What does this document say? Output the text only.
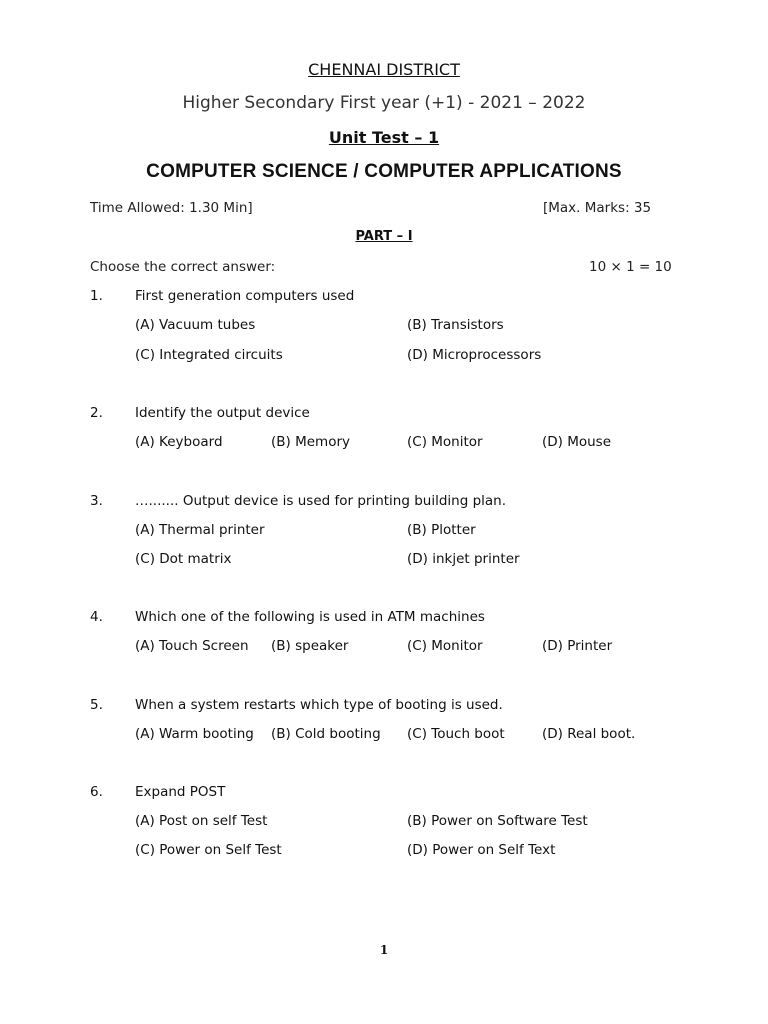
CHENNAI DISTRICT
Higher Secondary First year (+1) - 2021 – 2022
Unit Test – 1
COMPUTER SCIENCE / COMPUTER APPLICATIONS
Time Allowed: 1.30 Min]	[Max. Marks: 35
PART – I
Choose the correct answer:	10 × 1 = 10
1. First generation computers used
(A) Vacuum tubes	(B) Transistors
(C) Integrated circuits	(D) Microprocessors
2. Identify the output device
(A) Keyboard	(B) Memory	(C) Monitor	(D) Mouse
3. …....... Output device is used for printing building plan.
(A) Thermal printer	(B) Plotter
(C) Dot matrix	(D) inkjet printer
4. Which one of the following is used in ATM machines
(A) Touch Screen (B) speaker	(C) Monitor	(D) Printer
5. When a system restarts which type of booting is used.
(A) Warm booting (B) Cold booting (C) Touch boot	(D) Real boot.
6. Expand POST
(A) Post on self Test	(B) Power on Software Test
(C) Power on Self Test	(D) Power on Self Text
1
